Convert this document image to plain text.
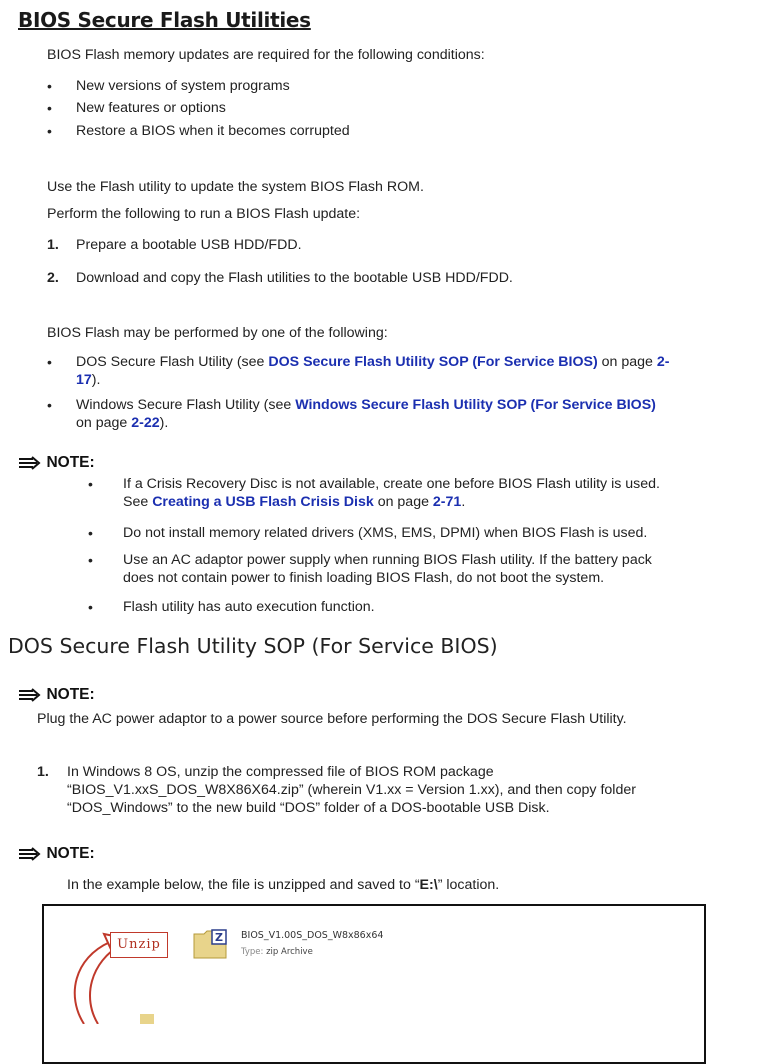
BIOS Secure Flash Utilities
BIOS Flash memory updates are required for the following conditions:
• New versions of system programs
• New features or options
• Restore a BIOS when it becomes corrupted
Use the Flash utility to update the system BIOS Flash ROM.
Perform the following to run a BIOS Flash update:
1. Prepare a bootable USB HDD/FDD.
2. Download and copy the Flash utilities to the bootable USB HDD/FDD.
BIOS Flash may be performed by one of the following:
• DOS Secure Flash Utility (see DOS Secure Flash Utility SOP (For Service BIOS) on page 2-
17).
• Windows Secure Flash Utility (see Windows Secure Flash Utility SOP (For Service BIOS)
on page 2-22).
NOTE:
• If a Crisis Recovery Disc is not available, create one before BIOS Flash utility is used.
See Creating a USB Flash Crisis Disk on page 2-71.
• Do not install memory related drivers (XMS, EMS, DPMI) when BIOS Flash is used.
• Use an AC adaptor power supply when running BIOS Flash utility. If the battery pack
does not contain power to finish loading BIOS Flash, do not boot the system.
• Flash utility has auto execution function.
DOS Secure Flash Utility SOP (For Service BIOS)
NOTE:
Plug the AC power adaptor to a power source before performing the DOS Secure Flash Utility.
1. In Windows 8 OS, unzip the compressed file of BIOS ROM package
“BIOS_V1.xxS_DOS_W8X86X64.zip” (wherein V1.xx = Version 1.xx), and then copy folder
“DOS_Windows” to the new build “DOS” folder of a DOS-bootable USB Disk.
NOTE:
In the example below, the file is unzipped and saved to “E:\” location.
Unzip	Z BIOS_V1.00S_DOS_W8x86x64
Type: zip Archive
